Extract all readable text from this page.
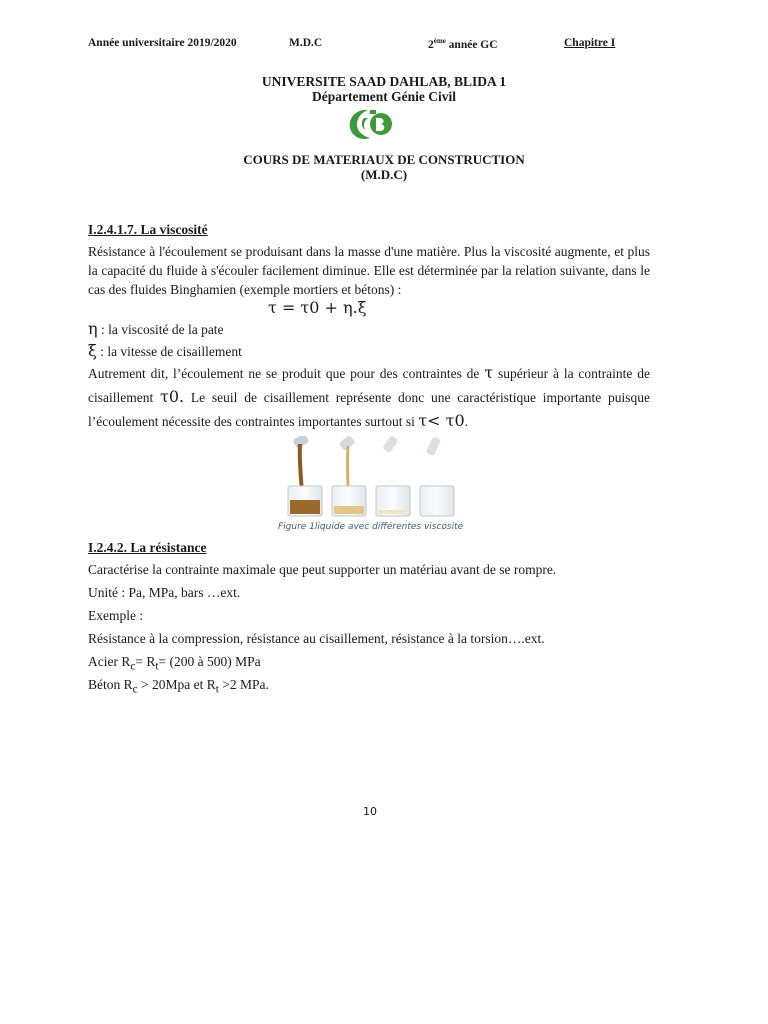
Année universitaire 2019/2020	M.D.C	2ème année GC	Chapitre I
UNIVERSITE SAAD DAHLAB, BLIDA 1
Département Génie Civil
COURS DE MATERIAUX DE CONSTRUCTION
(M.D.C)
I.2.4.1.7. La viscosité
Résistance à l'écoulement se produisant dans la masse d'une matière. Plus la viscosité augmente, et plus la capacité du fluide à s'écouler facilement diminue. Elle est déterminée par la relation suivante, dans le cas des fluides Binghamien (exemple mortiers et bétons) :
τ = τ0 + η.ξ
η : la viscosité de la pate
ξ : la vitesse de cisaillement
Autrement dit, l’écoulement ne se produit que pour des contraintes de τ supérieur à la contrainte de cisaillement τ0. Le seuil de cisaillement représente donc une caractéristique importante puisque l’écoulement nécessite des contraintes importantes surtout si τ< τ0.
Figure 1liquide avec différentes viscosité
I.2.4.2. La résistance
Caractérise la contrainte maximale que peut supporter un matériau avant de se rompre.
Unité : Pa, MPa, bars …ext.
Exemple :
Résistance à la compression, résistance au cisaillement, résistance à la torsion….ext.
Acier $R_c= R_t= (200$ à 500) MPa
Béton $R_c > 20Mpa$ et $R_t >2$ MPa.
10
